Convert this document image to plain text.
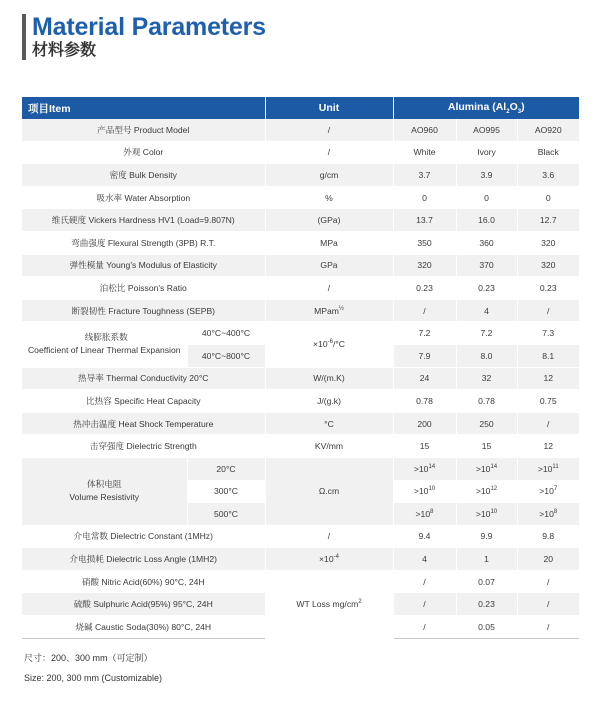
Material Parameters
材料参数
项目Item		Unit	Alumina $(Al_2O_3)$		
产品型号 Product Model		/	AO960	AO995	AO920
外观 Color		/	White	Ivory	Black
密度 Bulk Density		g/cm	3.7	3.9	3.6
吸水率 Water Absorption		%	0	0	0
维氏硬度 Vickers Hardness HV1 (Load=9.807N)		(GPa)	13.7	16.0	12.7
弯曲强度 Flexural Strength (3PB) R.T.		MPa	350	360	320
弹性模量 Young's Modulus of Elasticity		GPa	320	370	320
泊松比 Poisson's Ratio		/	0.23	0.23	0.23
断裂韧性 Fracture Toughness (SEPB)		MPam$^{\frac{1}{2}}$	/	4	/

线膨胀系数
Coefficient of Linear Thermal Expansion	40°C~400°C	$\times 10^{-6}/^\circ C$	7.2	7.2	7.3
	40°C~800°C		7.9	8.0	8.1
热导率 Thermal Conductivity 20°C		W/(m.K)	24	32	12
比热容 Specific Heat Capacity		J/(g.k)	0.78	0.78	0.75
热冲击温度 Heat Shock Temperature		°C	200	250	/
击穿强度 Dielectric Strength		KV/mm	15	15	12

体积电阻
Volume Resistivity	20°C	Ω.cm	$>10^{14}$	$>10^{14}$	$>10^{11}$
	300°C		$>10^{10}$	$>10^{12}$	$>10^7$
	500°C		$>10^8$	$>10^{10}$	$>10^8$
介电常数 Dielectric Constant (1MHz)		/	9.4	9.9	9.8
介电损耗 Dielectric Loss Angle (1MH2)		$\times 10^{-4}$	4	1	20
硝酸 Nitric Acid(60%) 90°C, 24H		WT Loss $mg/cm^2$	/	0.07	/
硫酸 Sulphuric Acid(95%) 95°C, 24H			/	0.23	/
烧碱 Caustic Soda(30%) 80°C, 24H			/	0.05	/
尺寸：200、300 mm（可定制）
Size: 200, 300 mm (Customizable)
